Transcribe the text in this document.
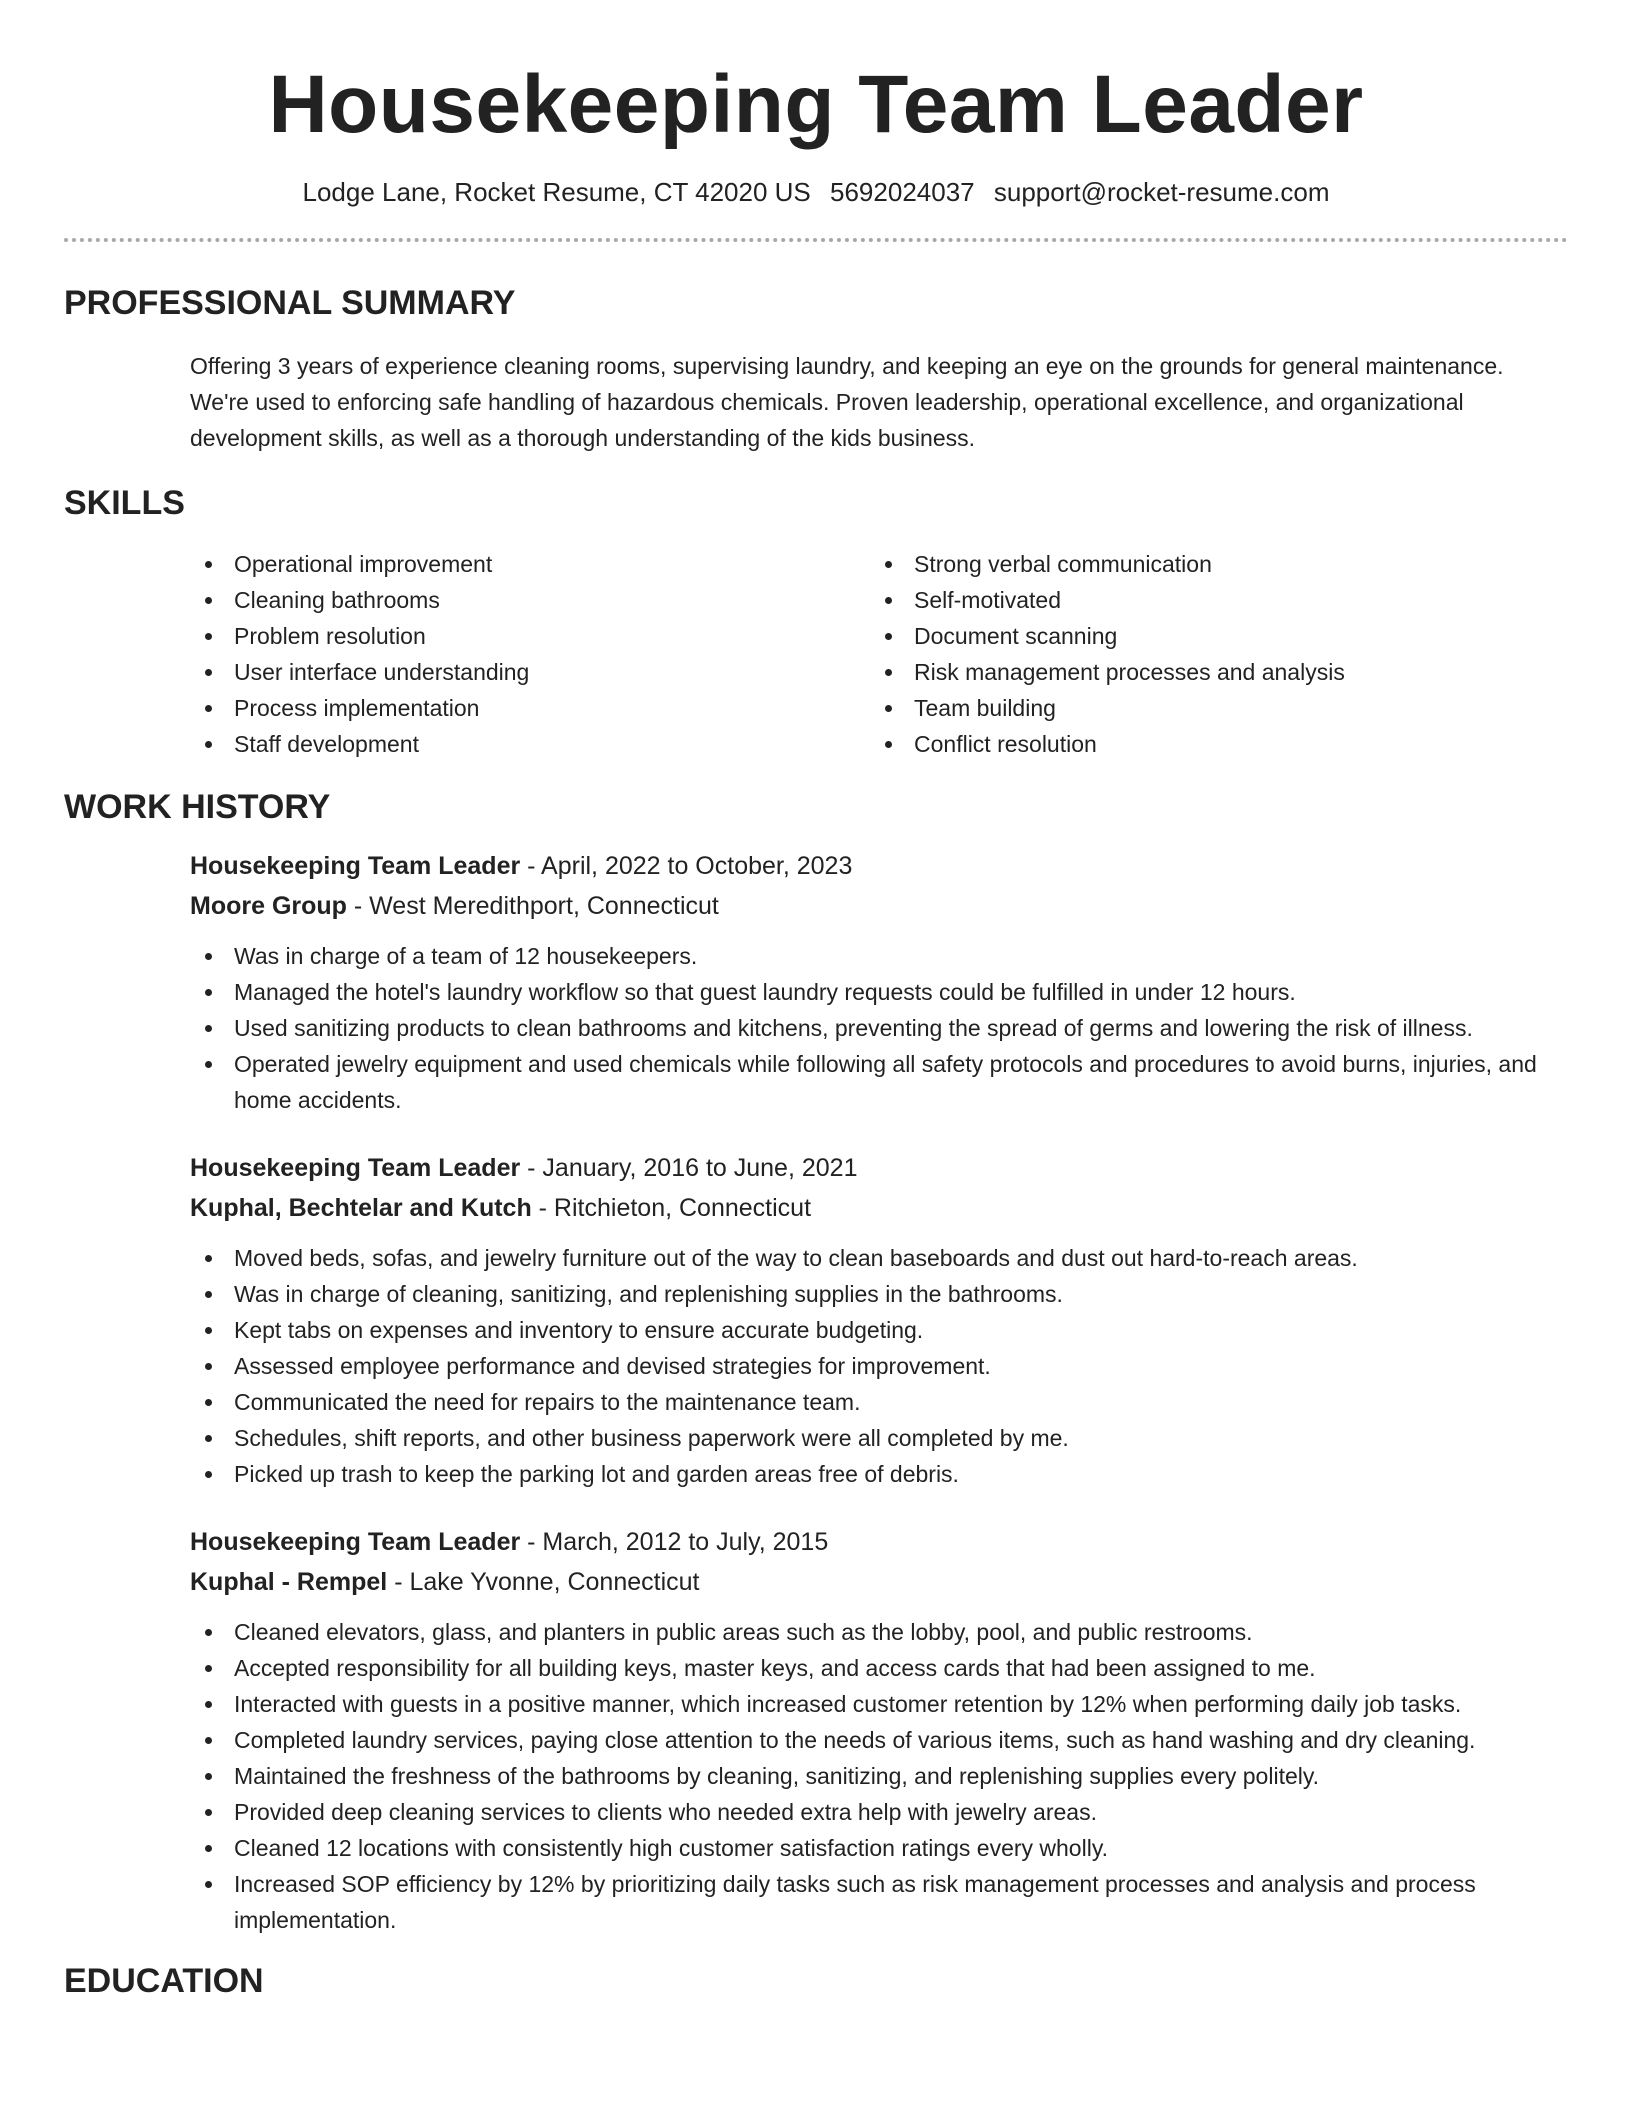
Housekeeping Team Leader
Lodge Lane, Rocket Resume, CT 42020 US 5692024037 support@rocket-resume.com
PROFESSIONAL SUMMARY

Offering 3 years of experience cleaning rooms, supervising laundry, and keeping an eye on the grounds for general maintenance. We're used to enforcing safe handling of hazardous chemicals. Proven leadership, operational excellence, and organizational development skills, as well as a thorough understanding of the kids business.

SKILLS
Operational improvement
Cleaning bathrooms
Problem resolution
User interface understanding
Process implementation
Staff development
Strong verbal communication
Self-motivated
Document scanning
Risk management processes and analysis
Team building
Conflict resolution
WORK HISTORY
Housekeeping Team Leader - April, 2022 to October, 2023
Moore Group - West Meredithport, Connecticut
Was in charge of a team of 12 housekeepers.
Managed the hotel's laundry workflow so that guest laundry requests could be fulfilled in under 12 hours.
Used sanitizing products to clean bathrooms and kitchens, preventing the spread of germs and lowering the risk of illness.
Operated jewelry equipment and used chemicals while following all safety protocols and procedures to avoid burns, injuries, and home accidents.
Housekeeping Team Leader - January, 2016 to June, 2021
Kuphal, Bechtelar and Kutch - Ritchieton, Connecticut
Moved beds, sofas, and jewelry furniture out of the way to clean baseboards and dust out hard-to-reach areas.
Was in charge of cleaning, sanitizing, and replenishing supplies in the bathrooms.
Kept tabs on expenses and inventory to ensure accurate budgeting.
Assessed employee performance and devised strategies for improvement.
Communicated the need for repairs to the maintenance team.
Schedules, shift reports, and other business paperwork were all completed by me.
Picked up trash to keep the parking lot and garden areas free of debris.
Housekeeping Team Leader - March, 2012 to July, 2015
Kuphal - Rempel - Lake Yvonne, Connecticut
Cleaned elevators, glass, and planters in public areas such as the lobby, pool, and public restrooms.
Accepted responsibility for all building keys, master keys, and access cards that had been assigned to me.
Interacted with guests in a positive manner, which increased customer retention by 12% when performing daily job tasks.
Completed laundry services, paying close attention to the needs of various items, such as hand washing and dry cleaning.
Maintained the freshness of the bathrooms by cleaning, sanitizing, and replenishing supplies every politely.
Provided deep cleaning services to clients who needed extra help with jewelry areas.
Cleaned 12 locations with consistently high customer satisfaction ratings every wholly.
Increased SOP efficiency by 12% by prioritizing daily tasks such as risk management processes and analysis and process implementation.
EDUCATION
